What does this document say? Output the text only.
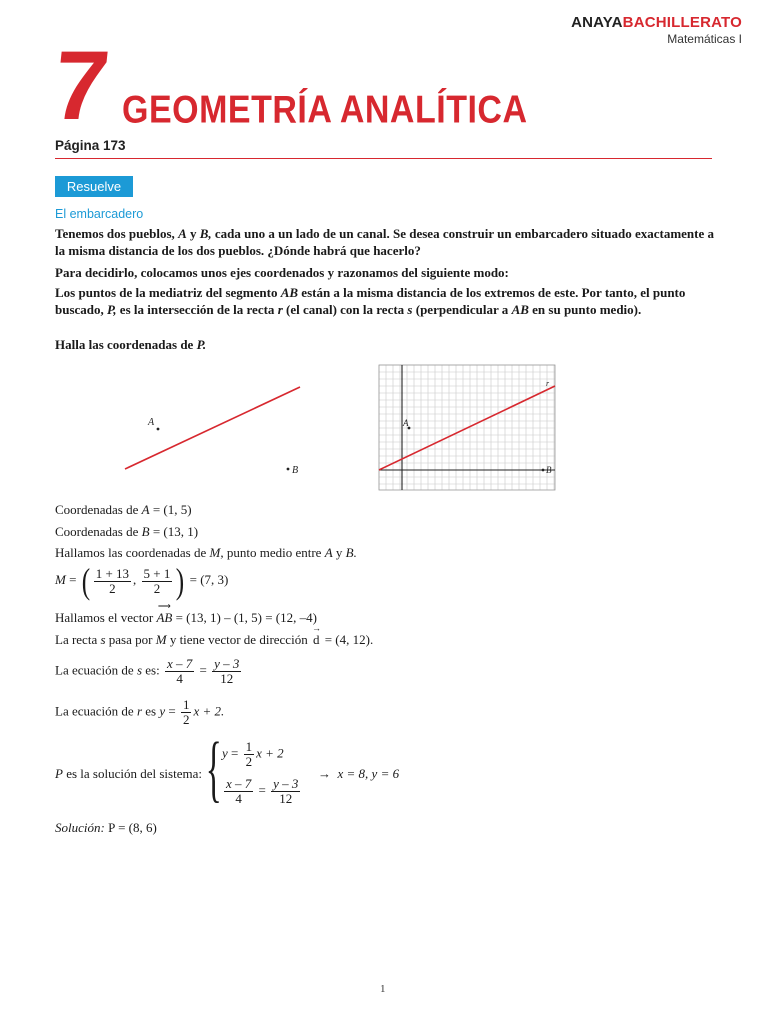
ANAYABACHILLERATO
Matemáticas I
7 GEOMETRÍA ANALÍTICA
Página 173
Resuelve
El embarcadero
Tenemos dos pueblos, A y B, cada uno a un lado de un canal. Se desea construir un embarcadero situado exactamente a la misma distancia de los dos pueblos. ¿Dónde habrá que hacerlo?
Para decidirlo, colocamos unos ejes coordenados y razonamos del siguiente modo:
Los puntos de la mediatriz del segmento AB están a la misma distancia de los extremos de este. Por tanto, el punto buscado, P, es la intersección de la recta r (el canal) con la recta s (perpendicular a AB en su punto medio).
Halla las coordenadas de P.
A
B
r
A
B
Coordenadas de A = (1, 5)
Coordenadas de B = (13, 1)
Hallamos las coordenadas de M, punto medio entre A y B.
M = ( $\frac{1 + 13}{2}$ , $\frac{5 + 1}{2}$ ) = (7, 3)
Hallamos el vector
⟶
AB = (13, 1) – (1, 5) = (12, –4)
La recta s pasa por M y tiene vector de dirección
→
d = (4, 12).
La ecuación de s es: $\frac{x - 7}{4} = \frac{y - 3}{12}$
La ecuación de r es $y = \frac{1}{2}$ x + 2.
P es la solución del sistema: { $y = \frac{1}{2}$ x + 2
$\frac{x - 7}{4} = \frac{y - 3}{12}$
→ x = 8, y = 6
Solución: P = (8, 6)
1
